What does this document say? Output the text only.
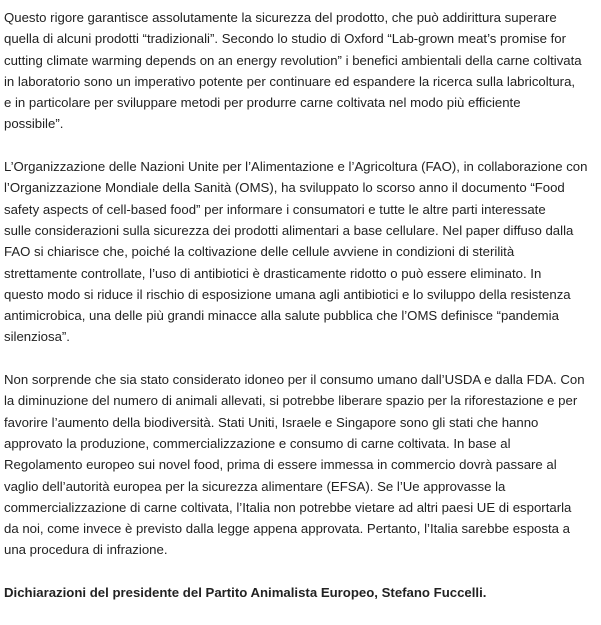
Questo rigore garantisce assolutamente la sicurezza del prodotto, che può addirittura superare
quella di alcuni prodotti “tradizionali”. Secondo lo studio di Oxford “Lab-grown meat’s promise for
cutting climate warming depends on an energy revolution” i benefici ambientali della carne coltivata
in laboratorio sono un imperativo potente per continuare ed espandere la ricerca sulla labricoltura,
e in particolare per sviluppare metodi per produrre carne coltivata nel modo più efficiente
possibile”.

L’Organizzazione delle Nazioni Unite per l’Alimentazione e l’Agricoltura (FAO), in collaborazione con
l’Organizzazione Mondiale della Sanità (OMS), ha sviluppato lo scorso anno il documento “Food
safety aspects of cell-based food” per informare i consumatori e tutte le altre parti interessate
sulle considerazioni sulla sicurezza dei prodotti alimentari a base cellulare. Nel paper diffuso dalla
FAO si chiarisce che, poiché la coltivazione delle cellule avviene in condizioni di sterilità
strettamente controllate, l’uso di antibiotici è drasticamente ridotto o può essere eliminato. In
questo modo si riduce il rischio di esposizione umana agli antibiotici e lo sviluppo della resistenza
antimicrobica, una delle più grandi minacce alla salute pubblica che l’OMS definisce “pandemia
silenziosa”.

Non sorprende che sia stato considerato idoneo per il consumo umano dall’USDA e dalla FDA. Con
la diminuzione del numero di animali allevati, si potrebbe liberare spazio per la riforestazione e per
favorire l’aumento della biodiversità. Stati Uniti, Israele e Singapore sono gli stati che hanno
approvato la produzione, commercializzazione e consumo di carne coltivata. In base al
Regolamento europeo sui novel food, prima di essere immessa in commercio dovrà passare al
vaglio dell’autorità europea per la sicurezza alimentare (EFSA). Se l’Ue approvasse la
commercializzazione di carne coltivata, l’Italia non potrebbe vietare ad altri paesi UE di esportarla
da noi, come invece è previsto dalla legge appena approvata. Pertanto, l’Italia sarebbe esposta a
una procedura di infrazione.

Dichiarazioni del presidente del Partito Animalista Europeo, Stefano Fuccelli.
